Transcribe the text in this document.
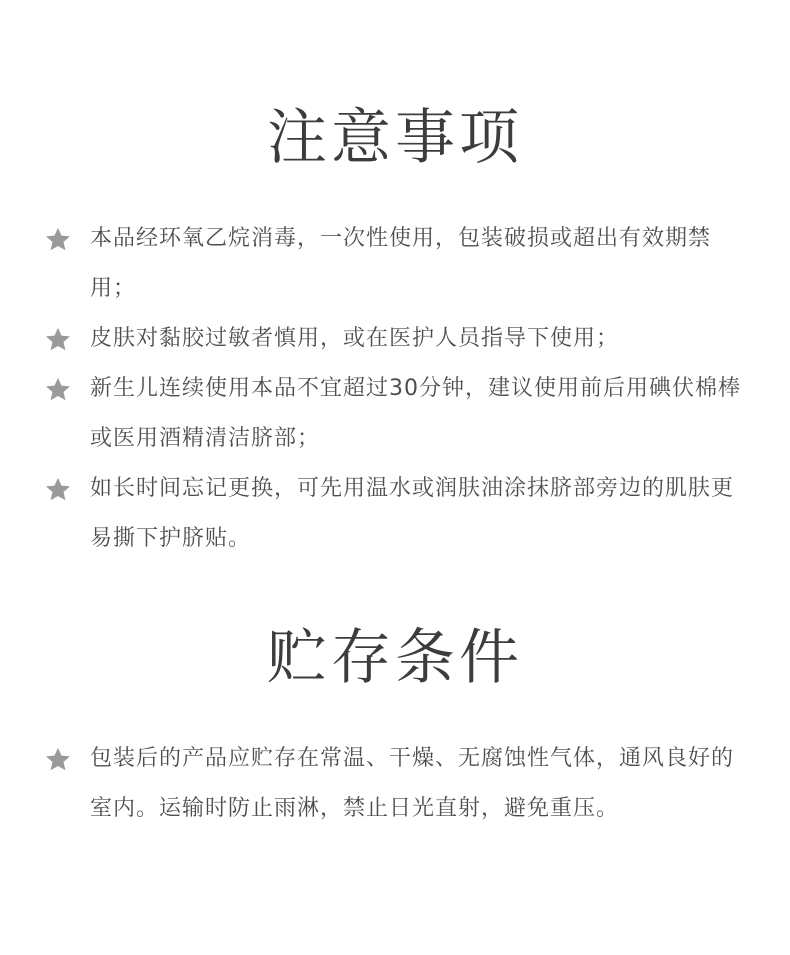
注意事项
本品经环氧乙烷消毒，一次性使用，包装破损或超出有效期禁用；
皮肤对黏胶过敏者慎用，或在医护人员指导下使用；
新生儿连续使用本品不宜超过30分钟，建议使用前后用碘伏棉棒或医用酒精清洁脐部；
如长时间忘记更换，可先用温水或润肤油涂抹脐部旁边的肌肤更易撕下护脐贴。
贮存条件
包装后的产品应贮存在常温、干燥、无腐蚀性气体，通风良好的室内。运输时防止雨淋，禁止日光直射，避免重压。
